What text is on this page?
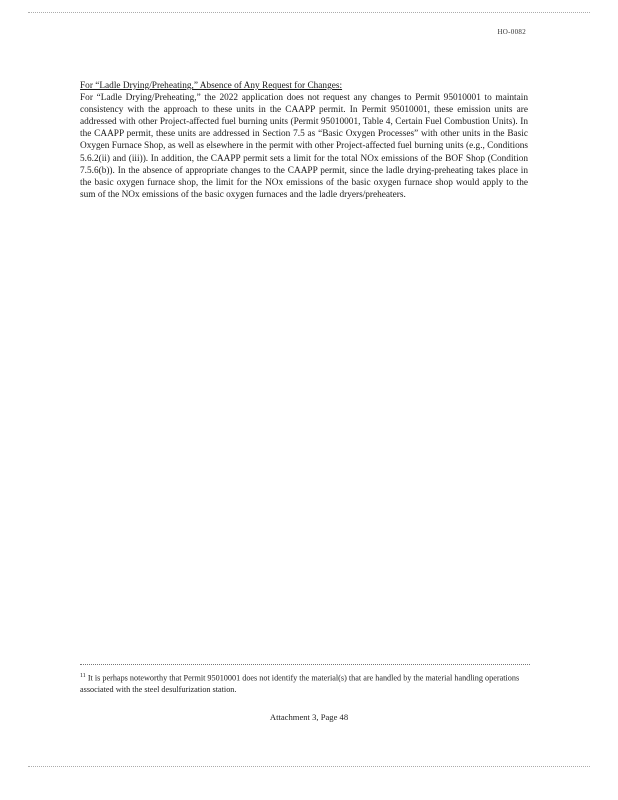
HO-0082

For “Ladle Drying/Preheating,” Absence of Any Request for Changes:

For “Ladle Drying/Preheating,” the 2022 application does not request any changes to Permit 95010001 to maintain consistency with the approach to these units in the CAAPP permit. In Permit 95010001, these emission units are addressed with other Project-affected fuel burning units (Permit 95010001, Table 4, Certain Fuel Combustion Units). In the CAAPP permit, these units are addressed in Section 7.5 as “Basic Oxygen Processes” with other units in the Basic Oxygen Furnace Shop, as well as elsewhere in the permit with other Project-affected fuel burning units (e.g., Conditions 5.6.2(ii) and (iii)). In addition, the CAAPP permit sets a limit for the total NOx emissions of the BOF Shop (Condition 7.5.6(b)). In the absence of appropriate changes to the CAAPP permit, since the ladle drying-preheating takes place in the basic oxygen furnace shop, the limit for the NOx emissions of the basic oxygen furnace shop would apply to the sum of the NOx emissions of the basic oxygen furnaces and the ladle dryers/preheaters.

$^{11}$ It is perhaps noteworthy that Permit 95010001 does not identify the material(s) that are handled by the material handling operations associated with the steel desulfurization station.
Attachment 3, Page 48
